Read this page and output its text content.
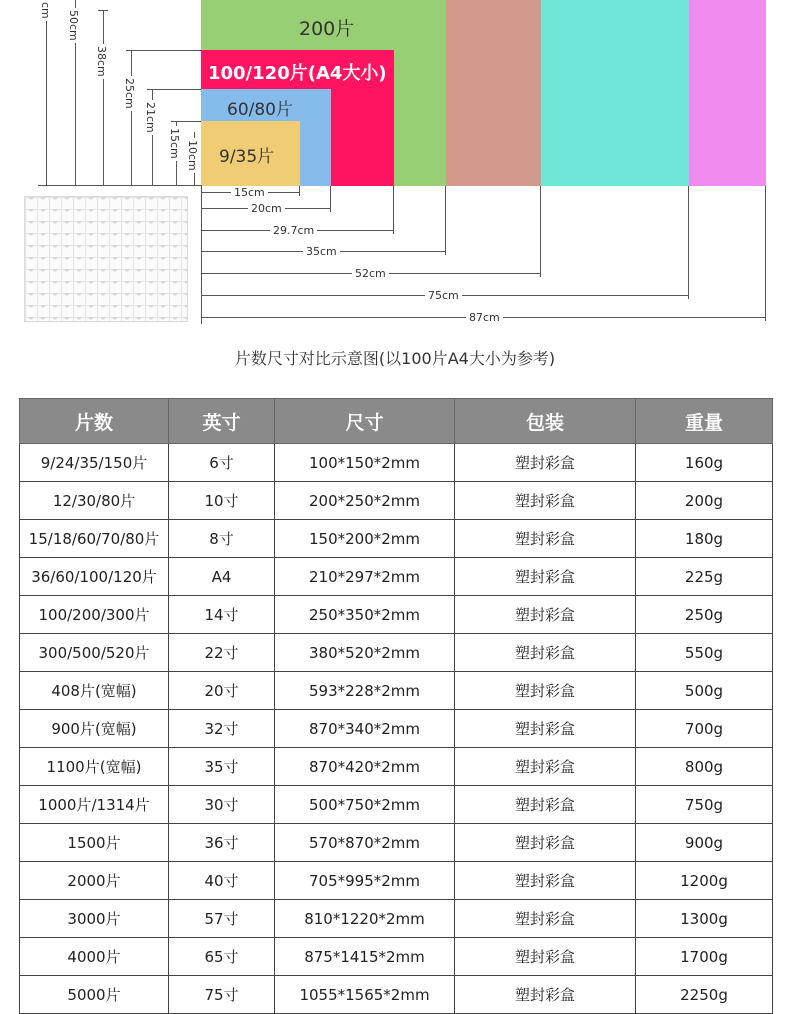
200片
100/120片(A4大小)
60/80片
9/35片
cm 50cm
38cm
25cm
21cm
15cm 10cm
15cm
20cm
29.7cm
35cm
52cm
75cm
87cm
片数尺寸对比示意图(以100片A4大小为参考)
片数	英寸	尺寸	包装	重量
9/24/35/150片	6寸	100*150*2mm	塑封彩盒	160g
12/30/80片	10寸	200*250*2mm	塑封彩盒	200g
15/18/60/70/80片	8寸	150*200*2mm	塑封彩盒	180g
36/60/100/120片	A4	210*297*2mm	塑封彩盒	225g
100/200/300片	14寸	250*350*2mm	塑封彩盒	250g
300/500/520片	22寸	380*520*2mm	塑封彩盒	550g
408片(宽幅)	20寸	593*228*2mm	塑封彩盒	500g
900片(宽幅)	32寸	870*340*2mm	塑封彩盒	700g
1100片(宽幅)	35寸	870*420*2mm	塑封彩盒	800g
1000片/1314片	30寸	500*750*2mm	塑封彩盒	750g
1500片	36寸	570*870*2mm	塑封彩盒	900g
2000片	40寸	705*995*2mm	塑封彩盒	1200g
3000片	57寸	810*1220*2mm	塑封彩盒	1300g
4000片	65寸	875*1415*2mm	塑封彩盒	1700g
5000片	75寸	1055*1565*2mm	塑封彩盒	2250g
